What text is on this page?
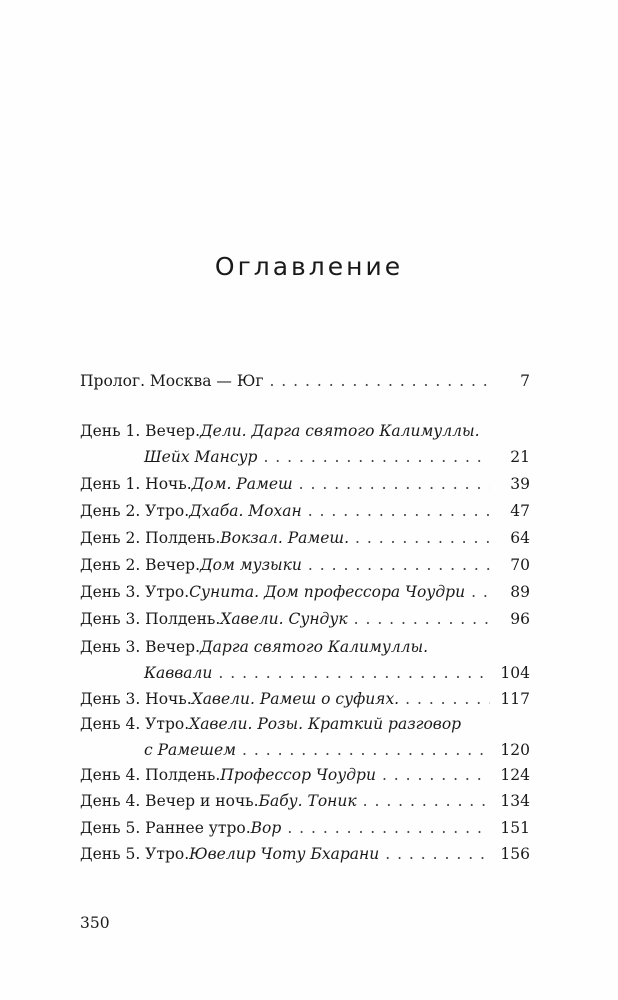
Оглавление
Пролог. Москва — Юг . . .	7
День 1. Вечер. Дели. Дарга святого Калимуллы.
Шейх Мансур . . .	21
День 1. Ночь. Дом. Рамеш . . .	39
День 2. Утро. Дхаба. Мохан . . .	47
День 2. Полдень. Вокзал. Рамеш. . . .	64
День 2. Вечер. Дом музыки . . .	70
День 3. Утро. Сунита. Дом профессора Чоудри . . .	89
День 3. Полдень. Хавели. Сундук . . .	96
День 3. Вечер. Дарга святого Калимуллы.
Каввали . . .	104
День 3. Ночь. Хавели. Рамеш о суфиях. . . .	117
День 4. Утро. Хавели. Розы. Краткий разговор
с Рамешем . . .	120
День 4. Полдень. Профессор Чоудри . . .	124
День 4. Вечер и ночь. Бабу. Тоник . . .	134
День 5. Раннее утро. Вор . . .	151
День 5. Утро. Ювелир Чоту Бхарани . . .	156
350
